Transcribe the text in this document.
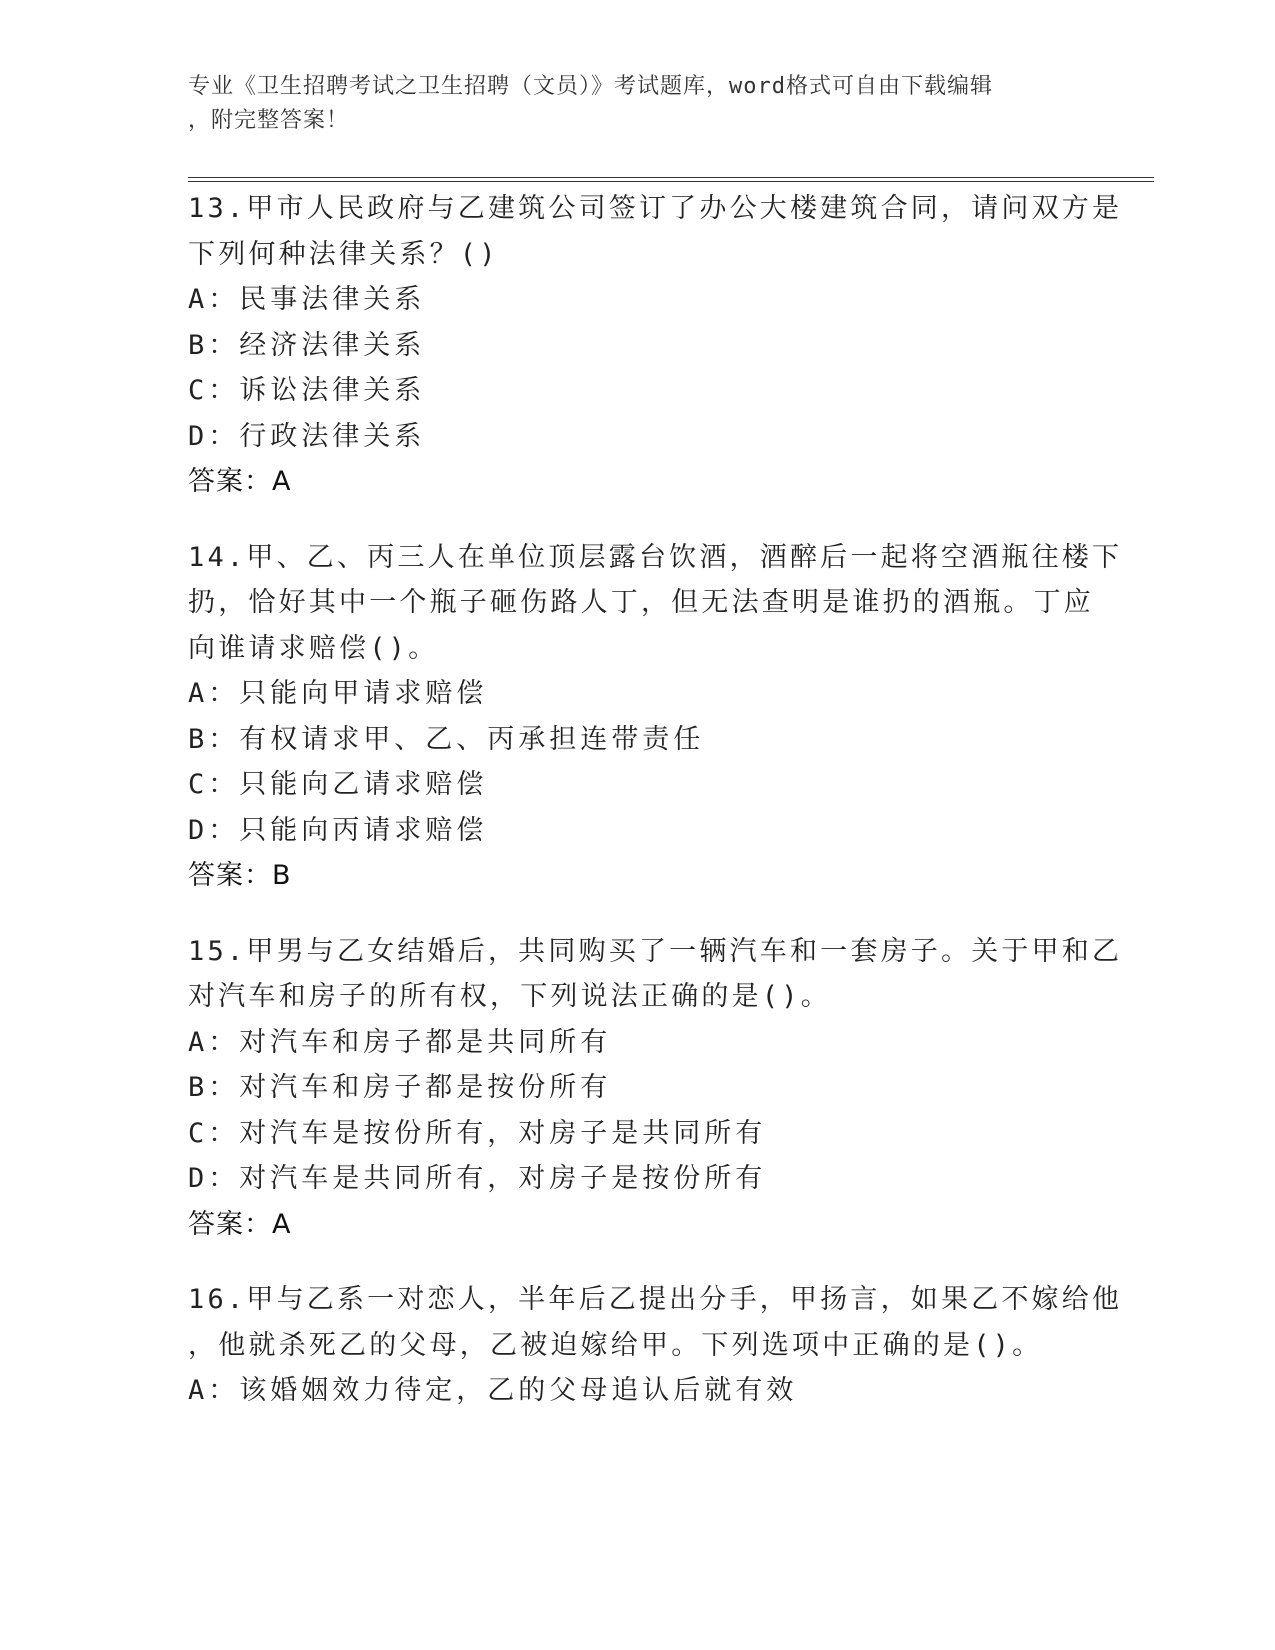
专业《卫生招聘考试之卫生招聘（文员）》考试题库，word格式可自由下载编辑
，附完整答案！
13.甲市人民政府与乙建筑公司签订了办公大楼建筑合同，请问双方是
下列何种法律关系？()
A：民事法律关系
B：经济法律关系
C：诉讼法律关系
D：行政法律关系
答案：A
14.甲、乙、丙三人在单位顶层露台饮酒，酒醉后一起将空酒瓶往楼下
扔，恰好其中一个瓶子砸伤路人丁，但无法查明是谁扔的酒瓶。丁应
向谁请求赔偿()。
A：只能向甲请求赔偿
B：有权请求甲、乙、丙承担连带责任
C：只能向乙请求赔偿
D：只能向丙请求赔偿
答案：B
15.甲男与乙女结婚后，共同购买了一辆汽车和一套房子。关于甲和乙
对汽车和房子的所有权，下列说法正确的是()。
A：对汽车和房子都是共同所有
B：对汽车和房子都是按份所有
C：对汽车是按份所有，对房子是共同所有
D：对汽车是共同所有，对房子是按份所有
答案：A
16.甲与乙系一对恋人，半年后乙提出分手，甲扬言，如果乙不嫁给他
，他就杀死乙的父母，乙被迫嫁给甲。下列选项中正确的是()。
A：该婚姻效力待定，乙的父母追认后就有效
